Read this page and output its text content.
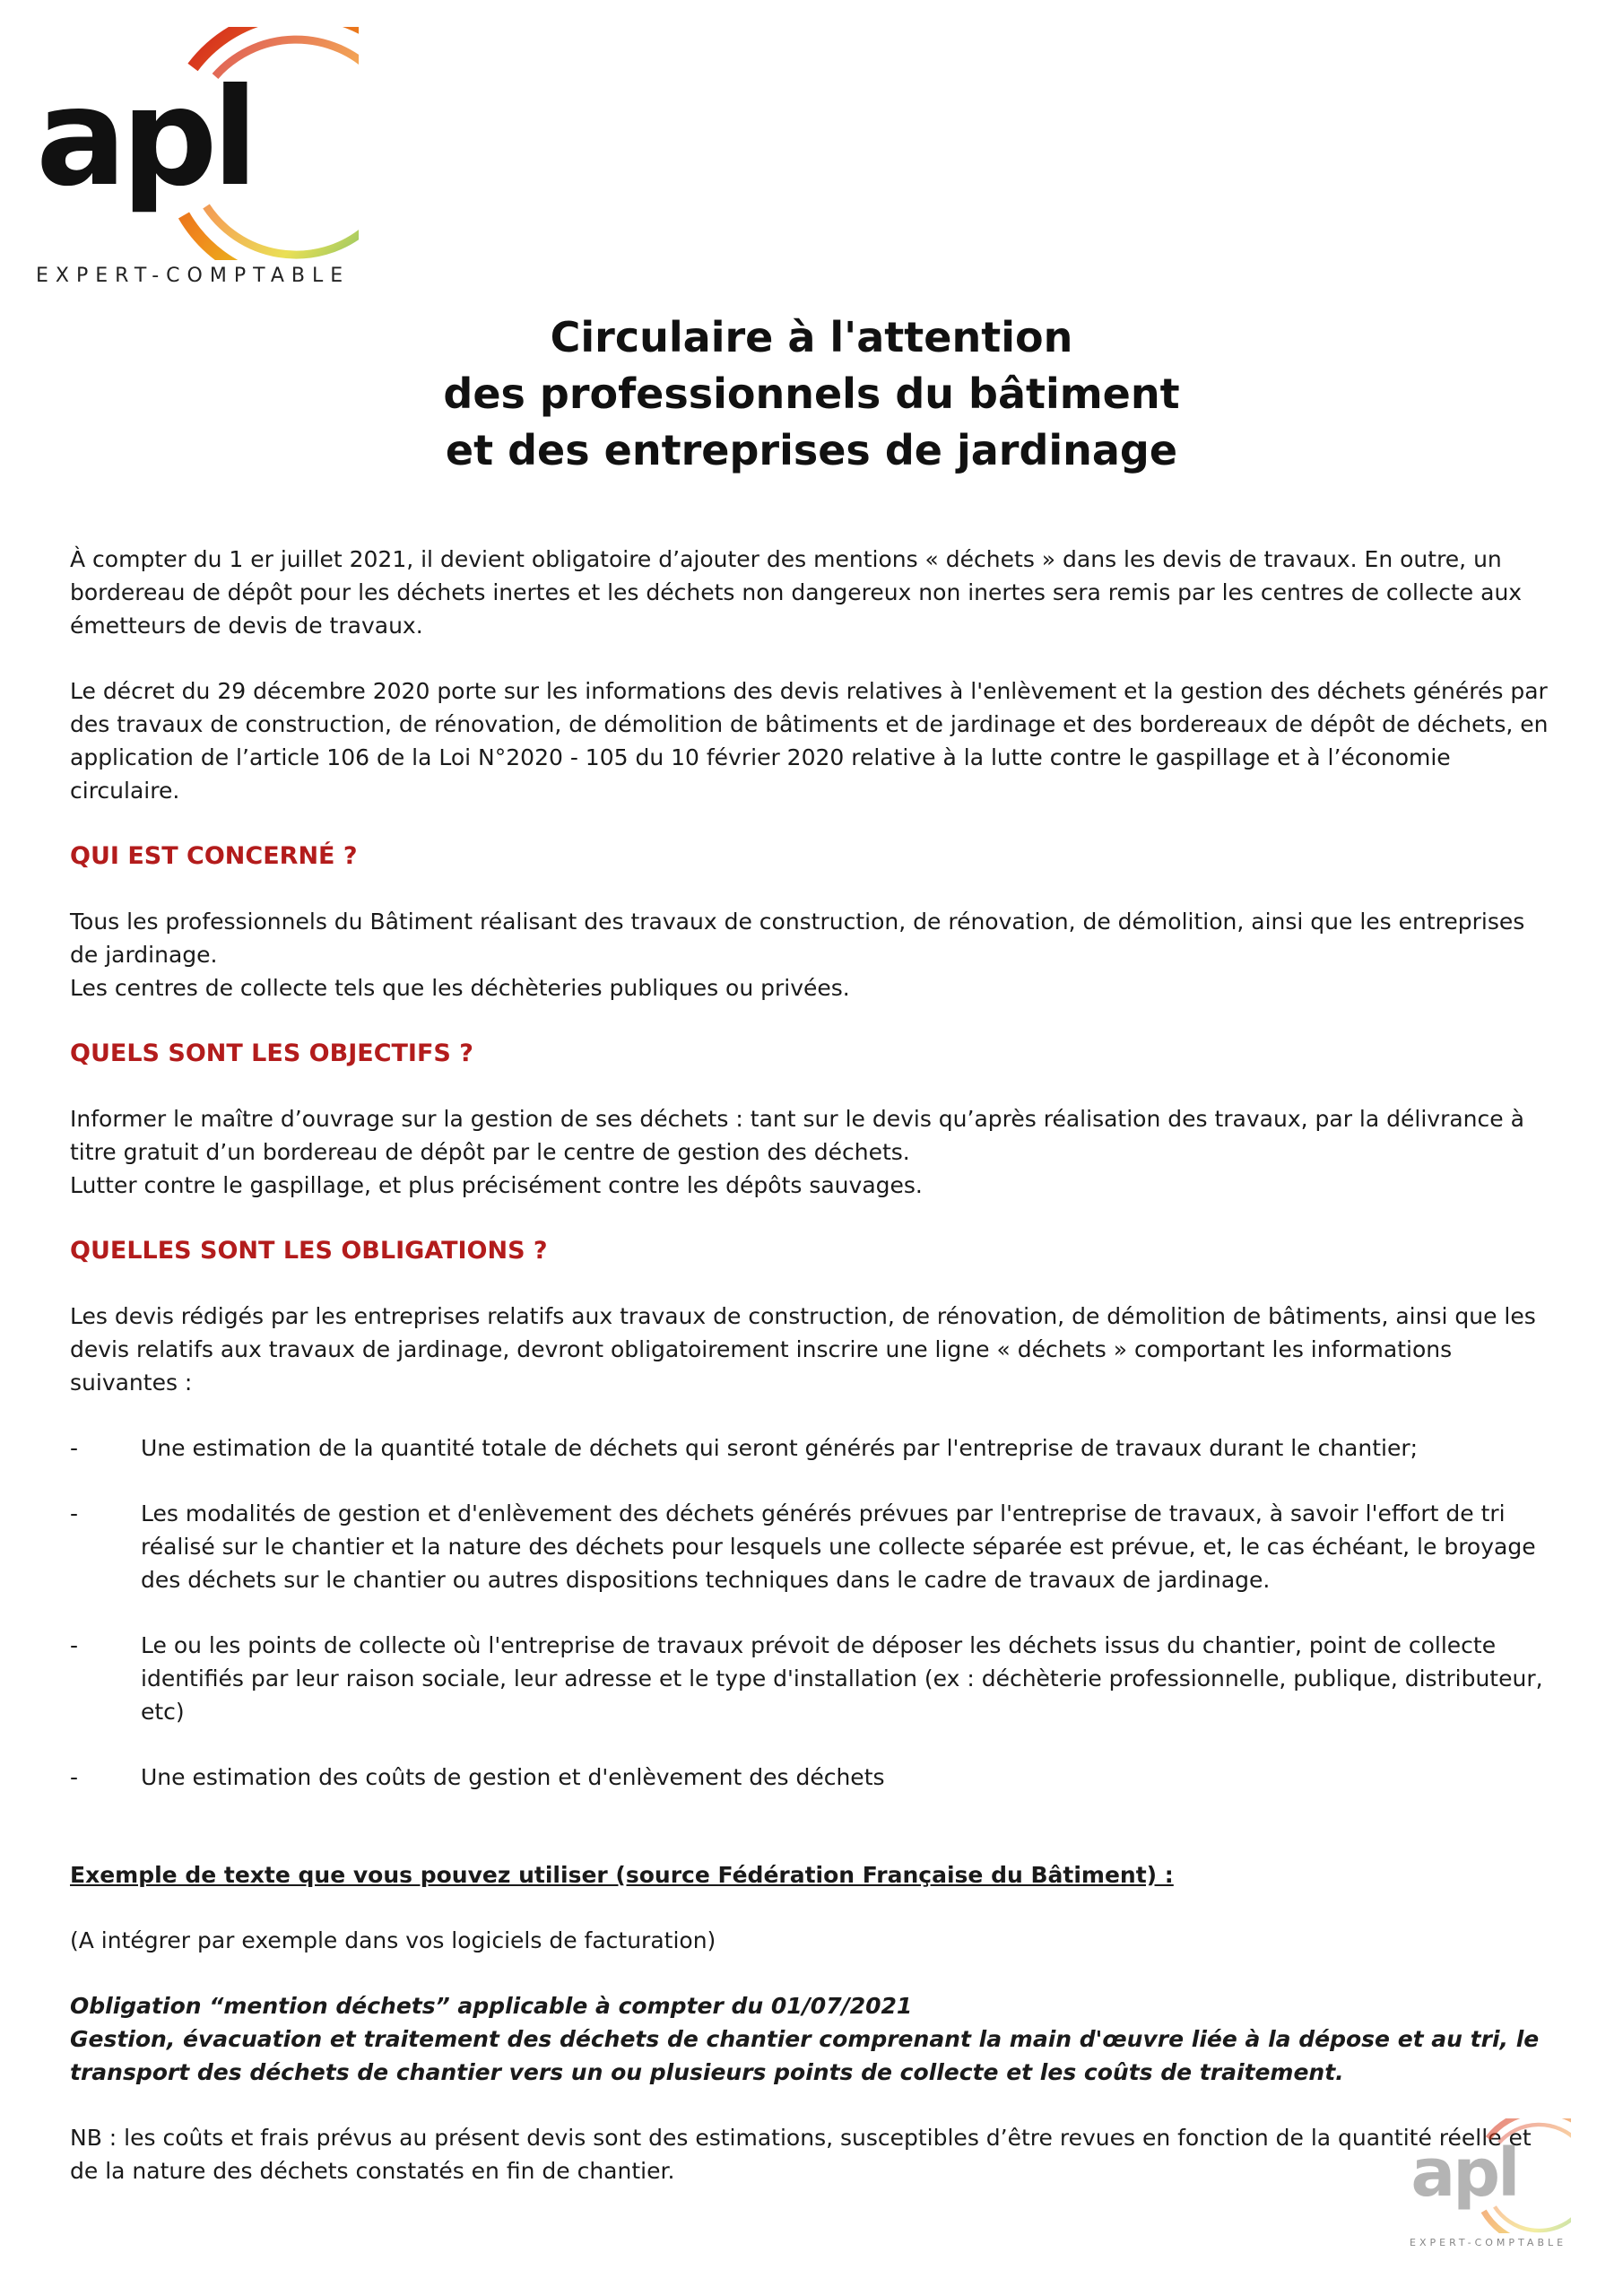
apl
EXPERT-COMPTABLE
Circulaire à l'attention
des professionnels du bâtiment
et des entreprises de jardinage

À compter du 1 er juillet 2021, il devient obligatoire d’ajouter des mentions « déchets » dans les devis de travaux. En outre, un bordereau de dépôt pour les déchets inertes et les déchets non dangereux non inertes sera remis par les centres de collecte aux émetteurs de devis de travaux.

Le décret du 29 décembre 2020 porte sur les informations des devis relatives à l'enlèvement et la gestion des déchets générés par des travaux de construction, de rénovation, de démolition de bâtiments et de jardinage et des bordereaux de dépôt de déchets, en application de l’article 106 de la Loi N°2020 - 105 du 10 février 2020 relative à la lutte contre le gaspillage et à l’économie circulaire.

QUI EST CONCERNÉ ?

Tous les professionnels du Bâtiment réalisant des travaux de construction, de rénovation, de démolition, ainsi que les entreprises de jardinage.

Les centres de collecte tels que les déchèteries publiques ou privées.

QUELS SONT LES OBJECTIFS ?

Informer le maître d’ouvrage sur la gestion de ses déchets : tant sur le devis qu’après réalisation des travaux, par la délivrance à titre gratuit d’un bordereau de dépôt par le centre de gestion des déchets.

Lutter contre le gaspillage, et plus précisément contre les dépôts sauvages.

QUELLES SONT LES OBLIGATIONS ?

Les devis rédigés par les entreprises relatifs aux travaux de construction, de rénovation, de démolition de bâtiments, ainsi que les devis relatifs aux travaux de jardinage, devront obligatoirement inscrire une ligne « déchets » comportant les informations suivantes :

-	Une estimation de la quantité totale de déchets qui seront générés par l'entreprise de travaux durant le chantier;
-	Les modalités de gestion et d'enlèvement des déchets générés prévues par l'entreprise de travaux, à savoir l'effort de tri réalisé sur le chantier et la nature des déchets pour lesquels une collecte séparée est prévue, et, le cas échéant, le broyage des déchets sur le chantier ou autres dispositions techniques dans le cadre de travaux de jardinage.
-	Le ou les points de collecte où l'entreprise de travaux prévoit de déposer les déchets issus du chantier, point de collecte identifiés par leur raison sociale, leur adresse et le type d'installation (ex : déchèterie professionnelle, publique, distributeur, etc)
-	Une estimation des coûts de gestion et d'enlèvement des déchets

Exemple de texte que vous pouvez utiliser (source Fédération Française du Bâtiment) :

(A intégrer par exemple dans vos logiciels de facturation)

Obligation “mention déchets” applicable à compter du 01/07/2021

Gestion, évacuation et traitement des déchets de chantier comprenant la main d'œuvre liée à la dépose et au tri, le transport des déchets de chantier vers un ou plusieurs points de collecte et les coûts de traitement.

NB : les coûts et frais prévus au présent devis sont des estimations, susceptibles d’être revues en fonction de la quantité réelle et de la nature des déchets constatés en fin de chantier.	apl
EXPERT-COMPTABLE
